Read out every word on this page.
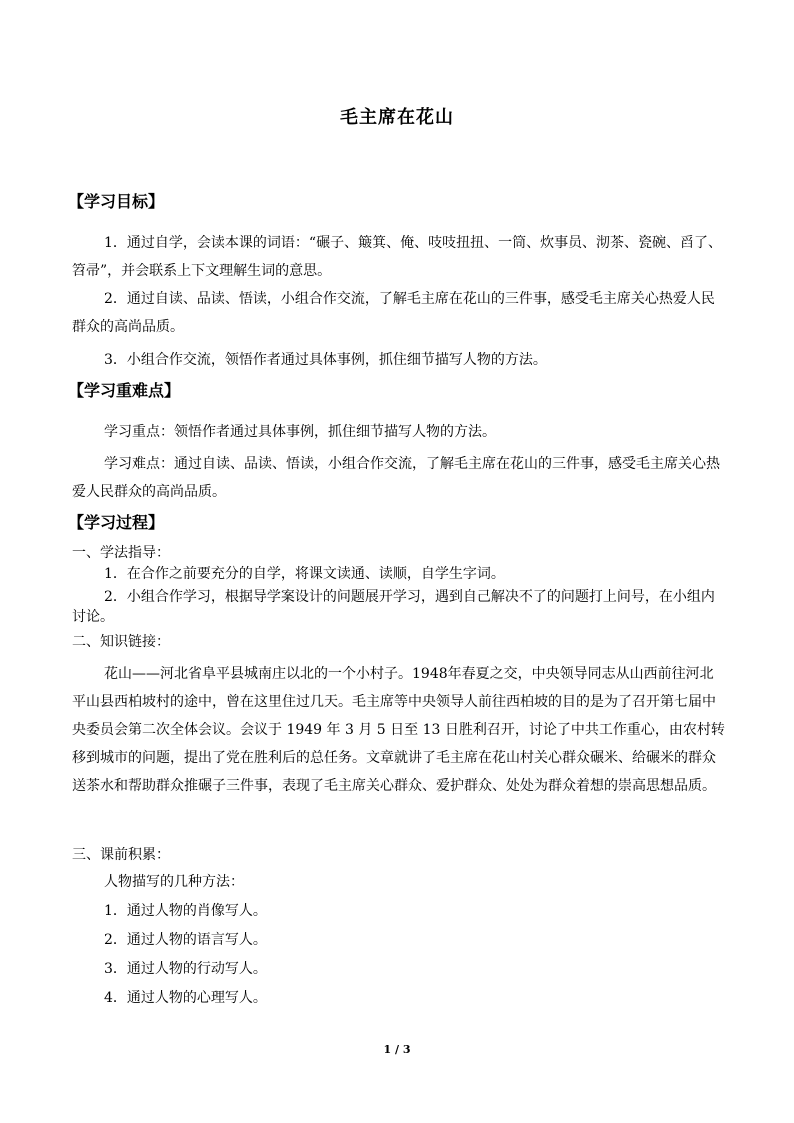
毛主席在花山
【学习目标】
1．通过自学，会读本课的词语：“碾子、簸箕、俺、吱吱扭扭、一筒、炊事员、沏茶、瓷碗、舀了、笤帚”，并会联系上下文理解生词的意思。
2．通过自读、品读、悟读，小组合作交流，了解毛主席在花山的三件事，感受毛主席关心热爱人民群众的高尚品质。
3．小组合作交流，领悟作者通过具体事例，抓住细节描写人物的方法。
【学习重难点】
学习重点：领悟作者通过具体事例，抓住细节描写人物的方法。
学习难点：通过自读、品读、悟读，小组合作交流，了解毛主席在花山的三件事，感受毛主席关心热爱人民群众的高尚品质。
【学习过程】
一、学法指导：
1．在合作之前要充分的自学，将课文读通、读顺，自学生字词。
2．小组合作学习，根据导学案设计的问题展开学习，遇到自己解决不了的问题打上问号，在小组内讨论。
二、知识链接：
花山——河北省阜平县城南庄以北的一个小村子。1948年春夏之交，中央领导同志从山西前往河北平山县西柏坡村的途中，曾在这里住过几天。毛主席等中央领导人前往西柏坡的目的是为了召开第七届中央委员会第二次全体会议。会议于 1949 年 3 月 5 日至 13 日胜利召开，讨论了中共工作重心，由农村转移到城市的问题，提出了党在胜利后的总任务。文章就讲了毛主席在花山村关心群众碾米、给碾米的群众送茶水和帮助群众推碾子三件事，表现了毛主席关心群众、爱护群众、处处为群众着想的崇高思想品质。
三、课前积累：
人物描写的几种方法：
1．通过人物的肖像写人。
2．通过人物的语言写人。
3．通过人物的行动写人。
4．通过人物的心理写人。
1 / 3
